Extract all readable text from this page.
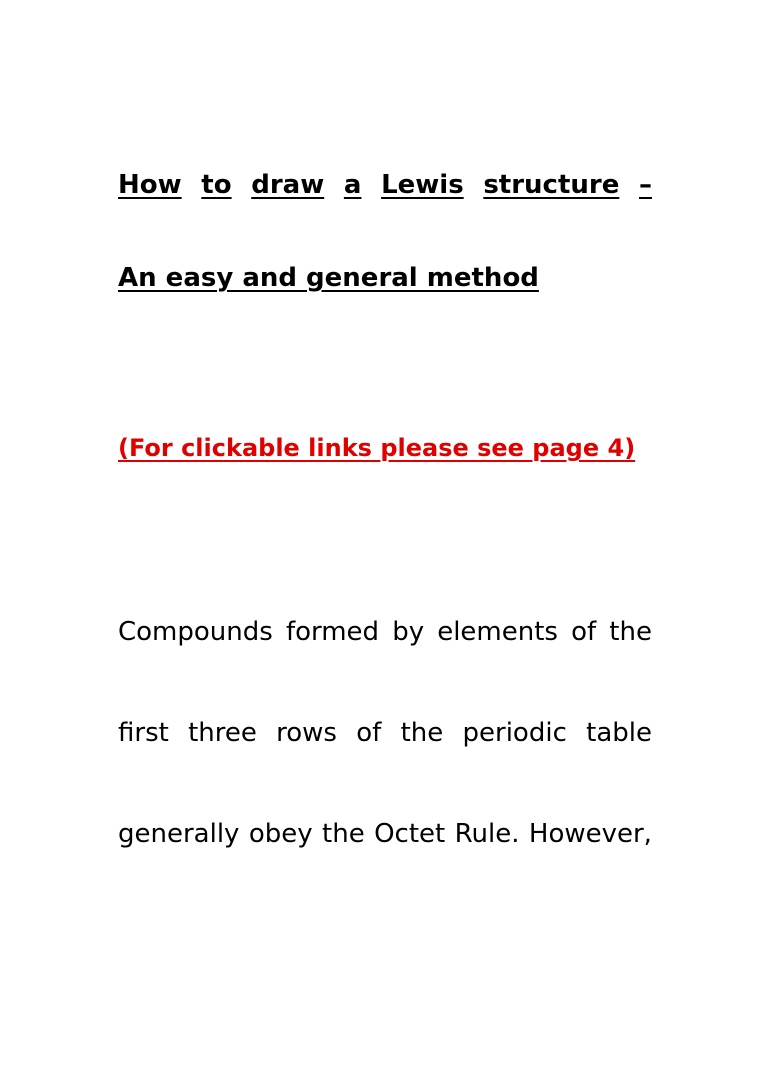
How to draw a Lewis structure –
An easy and general method

(For clickable links please see page 4)

Compounds formed by elements of the

first three rows of the periodic table

generally obey the Octet Rule. However,
